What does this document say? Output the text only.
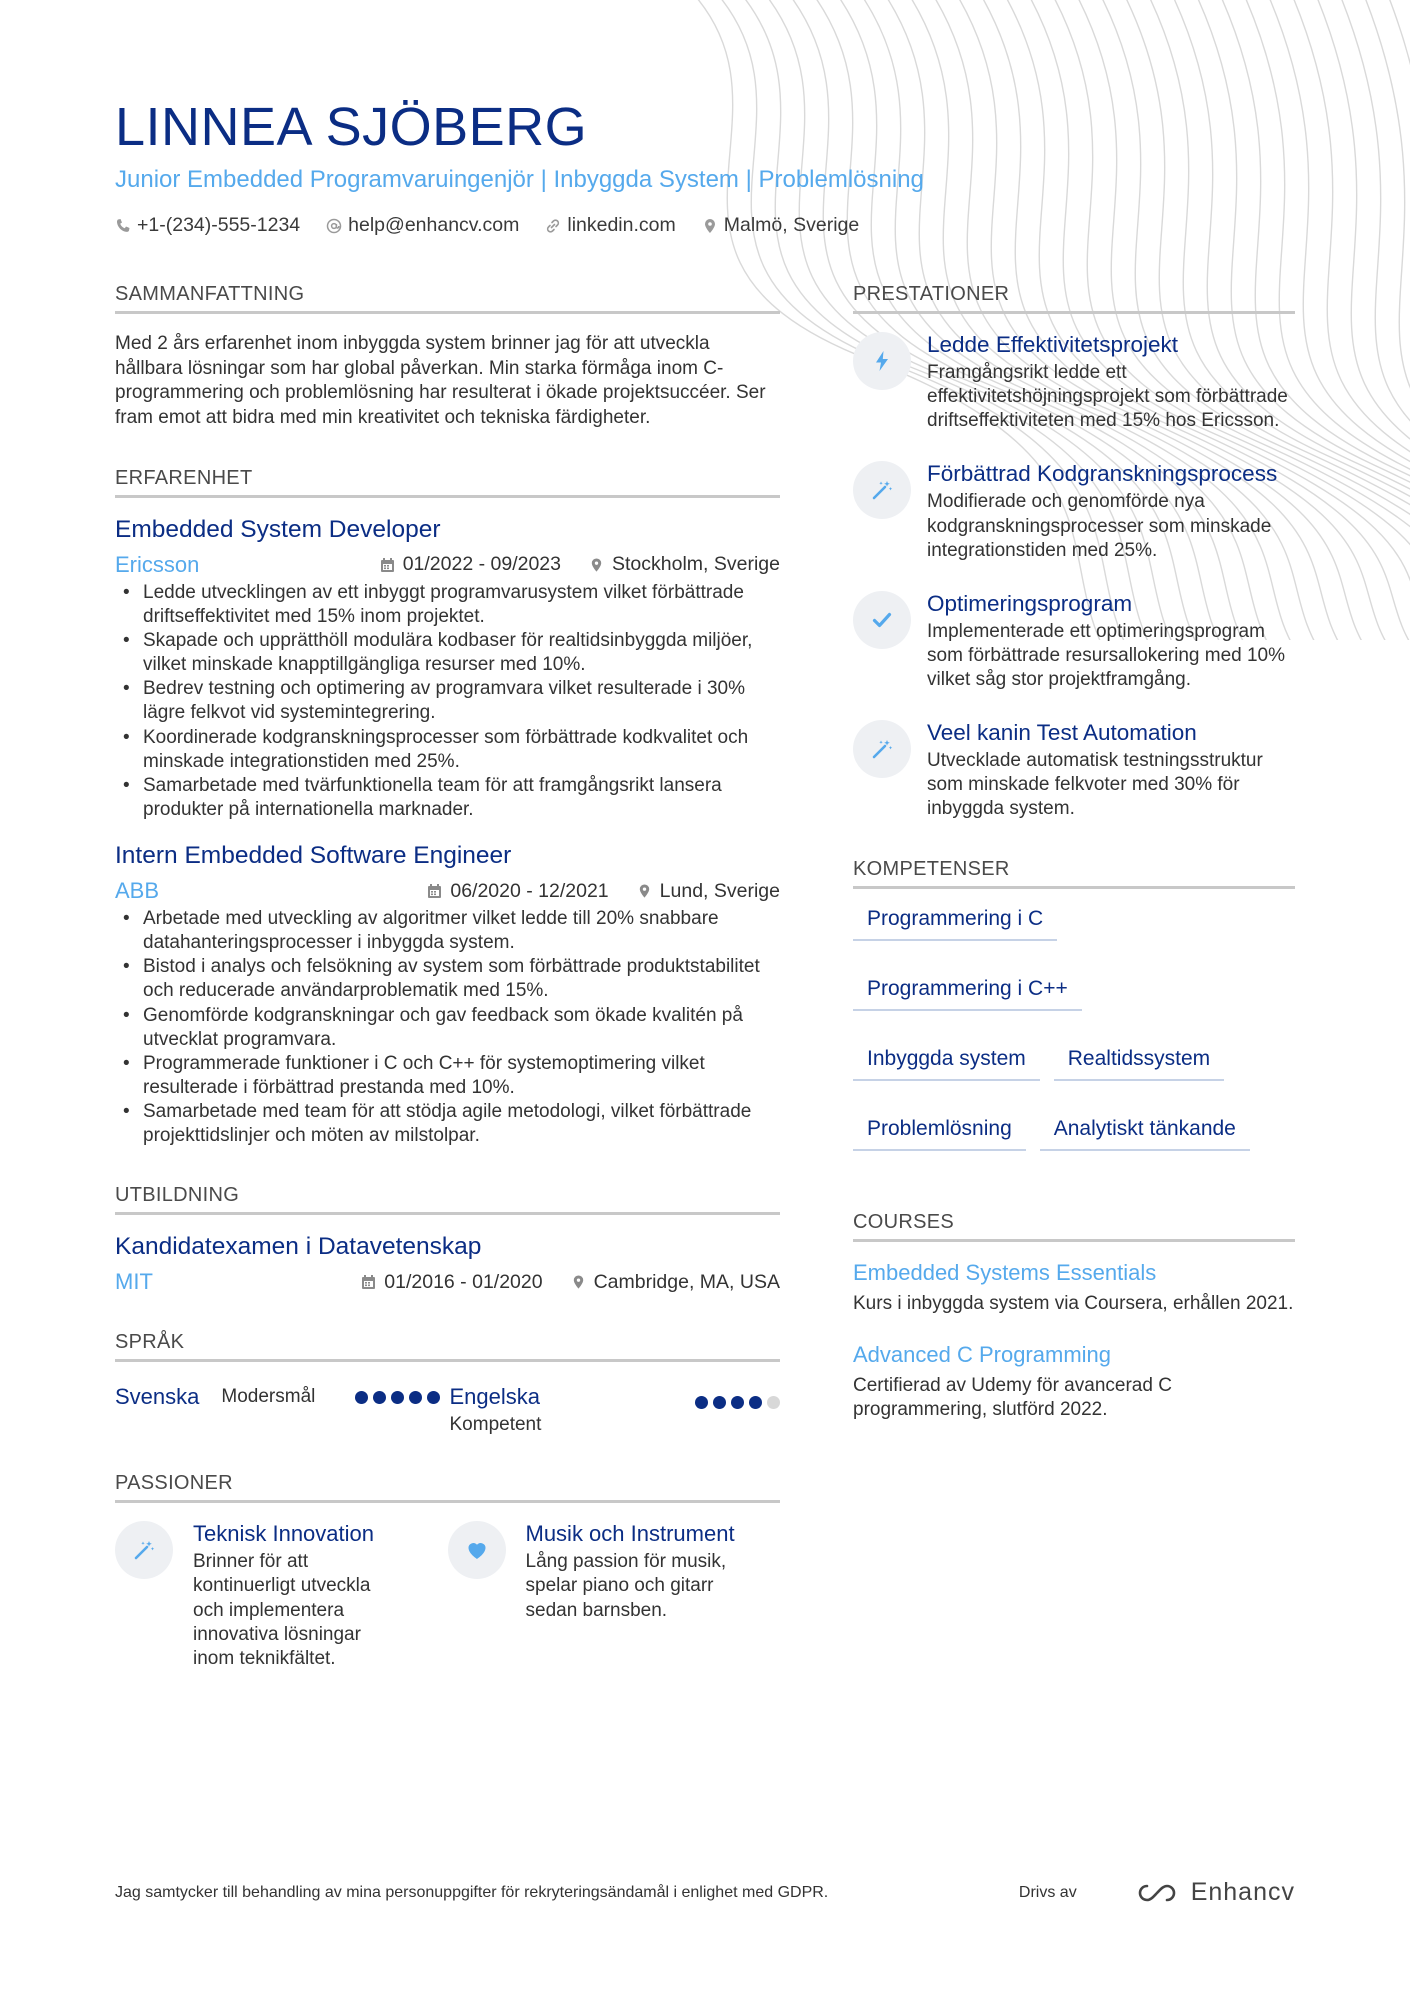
LINNEA SJÖBERG
Junior Embedded Programvaruingenjör | Inbyggda System | Problemlösning
+1-(234)-555-1234 help@enhancv.com linkedin.com Malmö, Sverige
SAMMANFATTNING
Med 2 års erfarenhet inom inbyggda system brinner jag för att utveckla hållbara lösningar som har global påverkan. Min starka förmåga inom C-programmering och problemlösning har resulterat i ökade projektsuccéer. Ser fram emot att bidra med min kreativitet och tekniska färdigheter.
ERFARENHET
Embedded System Developer
Ericsson	01/2022 - 09/2023	Stockholm, Sverige
• Ledde utvecklingen av ett inbyggt programvarusystem vilket förbättrade driftseffektivitet med 15% inom projektet.
• Skapade och upprätthöll modulära kodbaser för realtidsinbyggda miljöer, vilket minskade knapptillgängliga resurser med 10%.
• Bedrev testning och optimering av programvara vilket resulterade i 30% lägre felkvot vid systemintegrering.
• Koordinerade kodgranskningsprocesser som förbättrade kodkvalitet och minskade integrationstiden med 25%.
• Samarbetade med tvärfunktionella team för att framgångsrikt lansera produkter på internationella marknader.
Intern Embedded Software Engineer
ABB	06/2020 - 12/2021	Lund, Sverige
• Arbetade med utveckling av algoritmer vilket ledde till 20% snabbare datahanteringsprocesser i inbyggda system.
• Bistod i analys och felsökning av system som förbättrade produktstabilitet och reducerade användarproblematik med 15%.
• Genomförde kodgranskningar och gav feedback som ökade kvalitén på utvecklat programvara.
• Programmerade funktioner i C och C++ för systemoptimering vilket resulterade i förbättrad prestanda med 10%.
• Samarbetade med team för att stödja agile metodologi, vilket förbättrade projekttidslinjer och möten av milstolpar.
UTBILDNING
Kandidatexamen i Datavetenskap
MIT	01/2016 - 01/2020	Cambridge, MA, USA
SPRÅK
Svenska Modersmål	Engelska
Kompetent
PASSIONER
Teknisk Innovation
Brinner för att kontinuerligt utveckla och implementera innovativa lösningar inom teknikfältet.
Musik och Instrument
Lång passion för musik, spelar piano och gitarr sedan barnsben.
PRESTATIONER
Ledde Effektivitetsprojekt
Framgångsrikt ledde ett effektivitetshöjningsprojekt som förbättrade driftseffektiviteten med 15% hos Ericsson.
Förbättrad Kodgranskningsprocess
Modifierade och genomförde nya kodgranskningsprocesser som minskade integrationstiden med 25%.
Optimeringsprogram
Implementerade ett optimeringsprogram som förbättrade resursallokering med 10% vilket såg stor projektframgång.
Veel kanin Test Automation
Utvecklade automatisk testningsstruktur som minskade felkvoter med 30% för inbyggda system.
KOMPETENSER
Programmering i C
Programmering i C++
Inbyggda system	Realtidssystem
Problemlösning	Analytiskt tänkande
COURSES
Embedded Systems Essentials
Kurs i inbyggda system via Coursera, erhållen 2021.
Advanced C Programming
Certifierad av Udemy för avancerad C programmering, slutförd 2022.
Jag samtycker till behandling av mina personuppgifter för rekryteringsändamål i enlighet med GDPR.	Drivs av	Enhancv
